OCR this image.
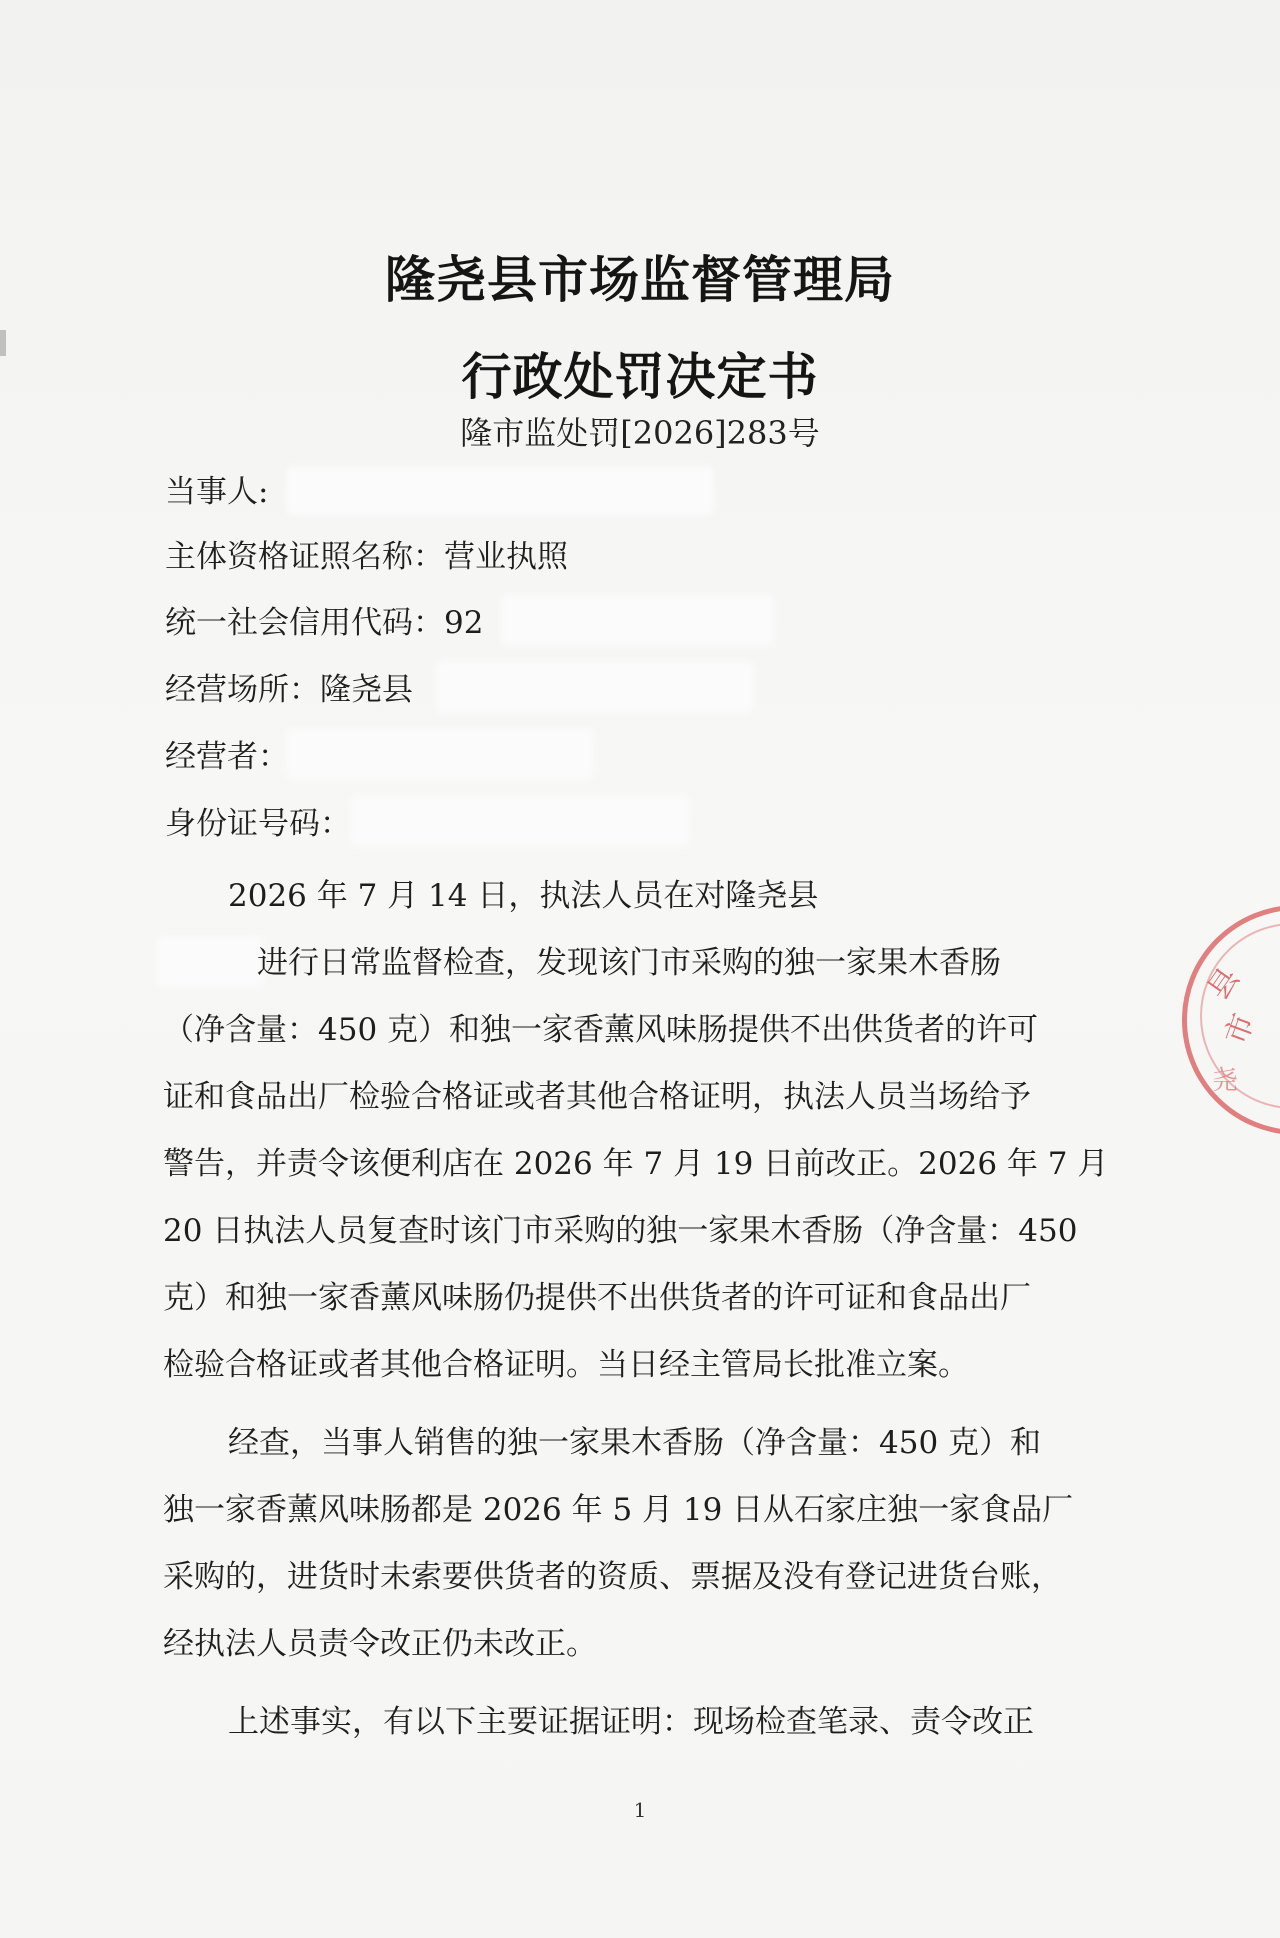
隆尧县市场监督管理局
行政处罚决定书
隆市监处罚[2026]283号
当事人:
主体资格证照名称：营业执照
统一社会信用代码：92
经营场所：隆尧县
经营者：
身份证号码：
2026 年 7 月 14 日，执法人员在对隆尧县
进行日常监督检查，发现该门市采购的独一家果木香肠
（净含量：450 克）和独一家香薰风味肠提供不出供货者的许可
证和食品出厂检验合格证或者其他合格证明，执法人员当场给予
警告，并责令该便利店在 2026 年 7 月 19 日前改正。2026 年 7 月
20 日执法人员复查时该门市采购的独一家果木香肠（净含量：450
克）和独一家香薰风味肠仍提供不出供货者的许可证和食品出厂
检验合格证或者其他合格证明。当日经主管局长批准立案。
经查，当事人销售的独一家果木香肠（净含量：450 克）和
独一家香薰风味肠都是 2026 年 5 月 19 日从石家庄独一家食品厂
采购的，进货时未索要供货者的资质、票据及没有登记进货台账，
经执法人员责令改正仍未改正。
上述事实，有以下主要证据证明：现场检查笔录、责令改正
1
县
市
尧
